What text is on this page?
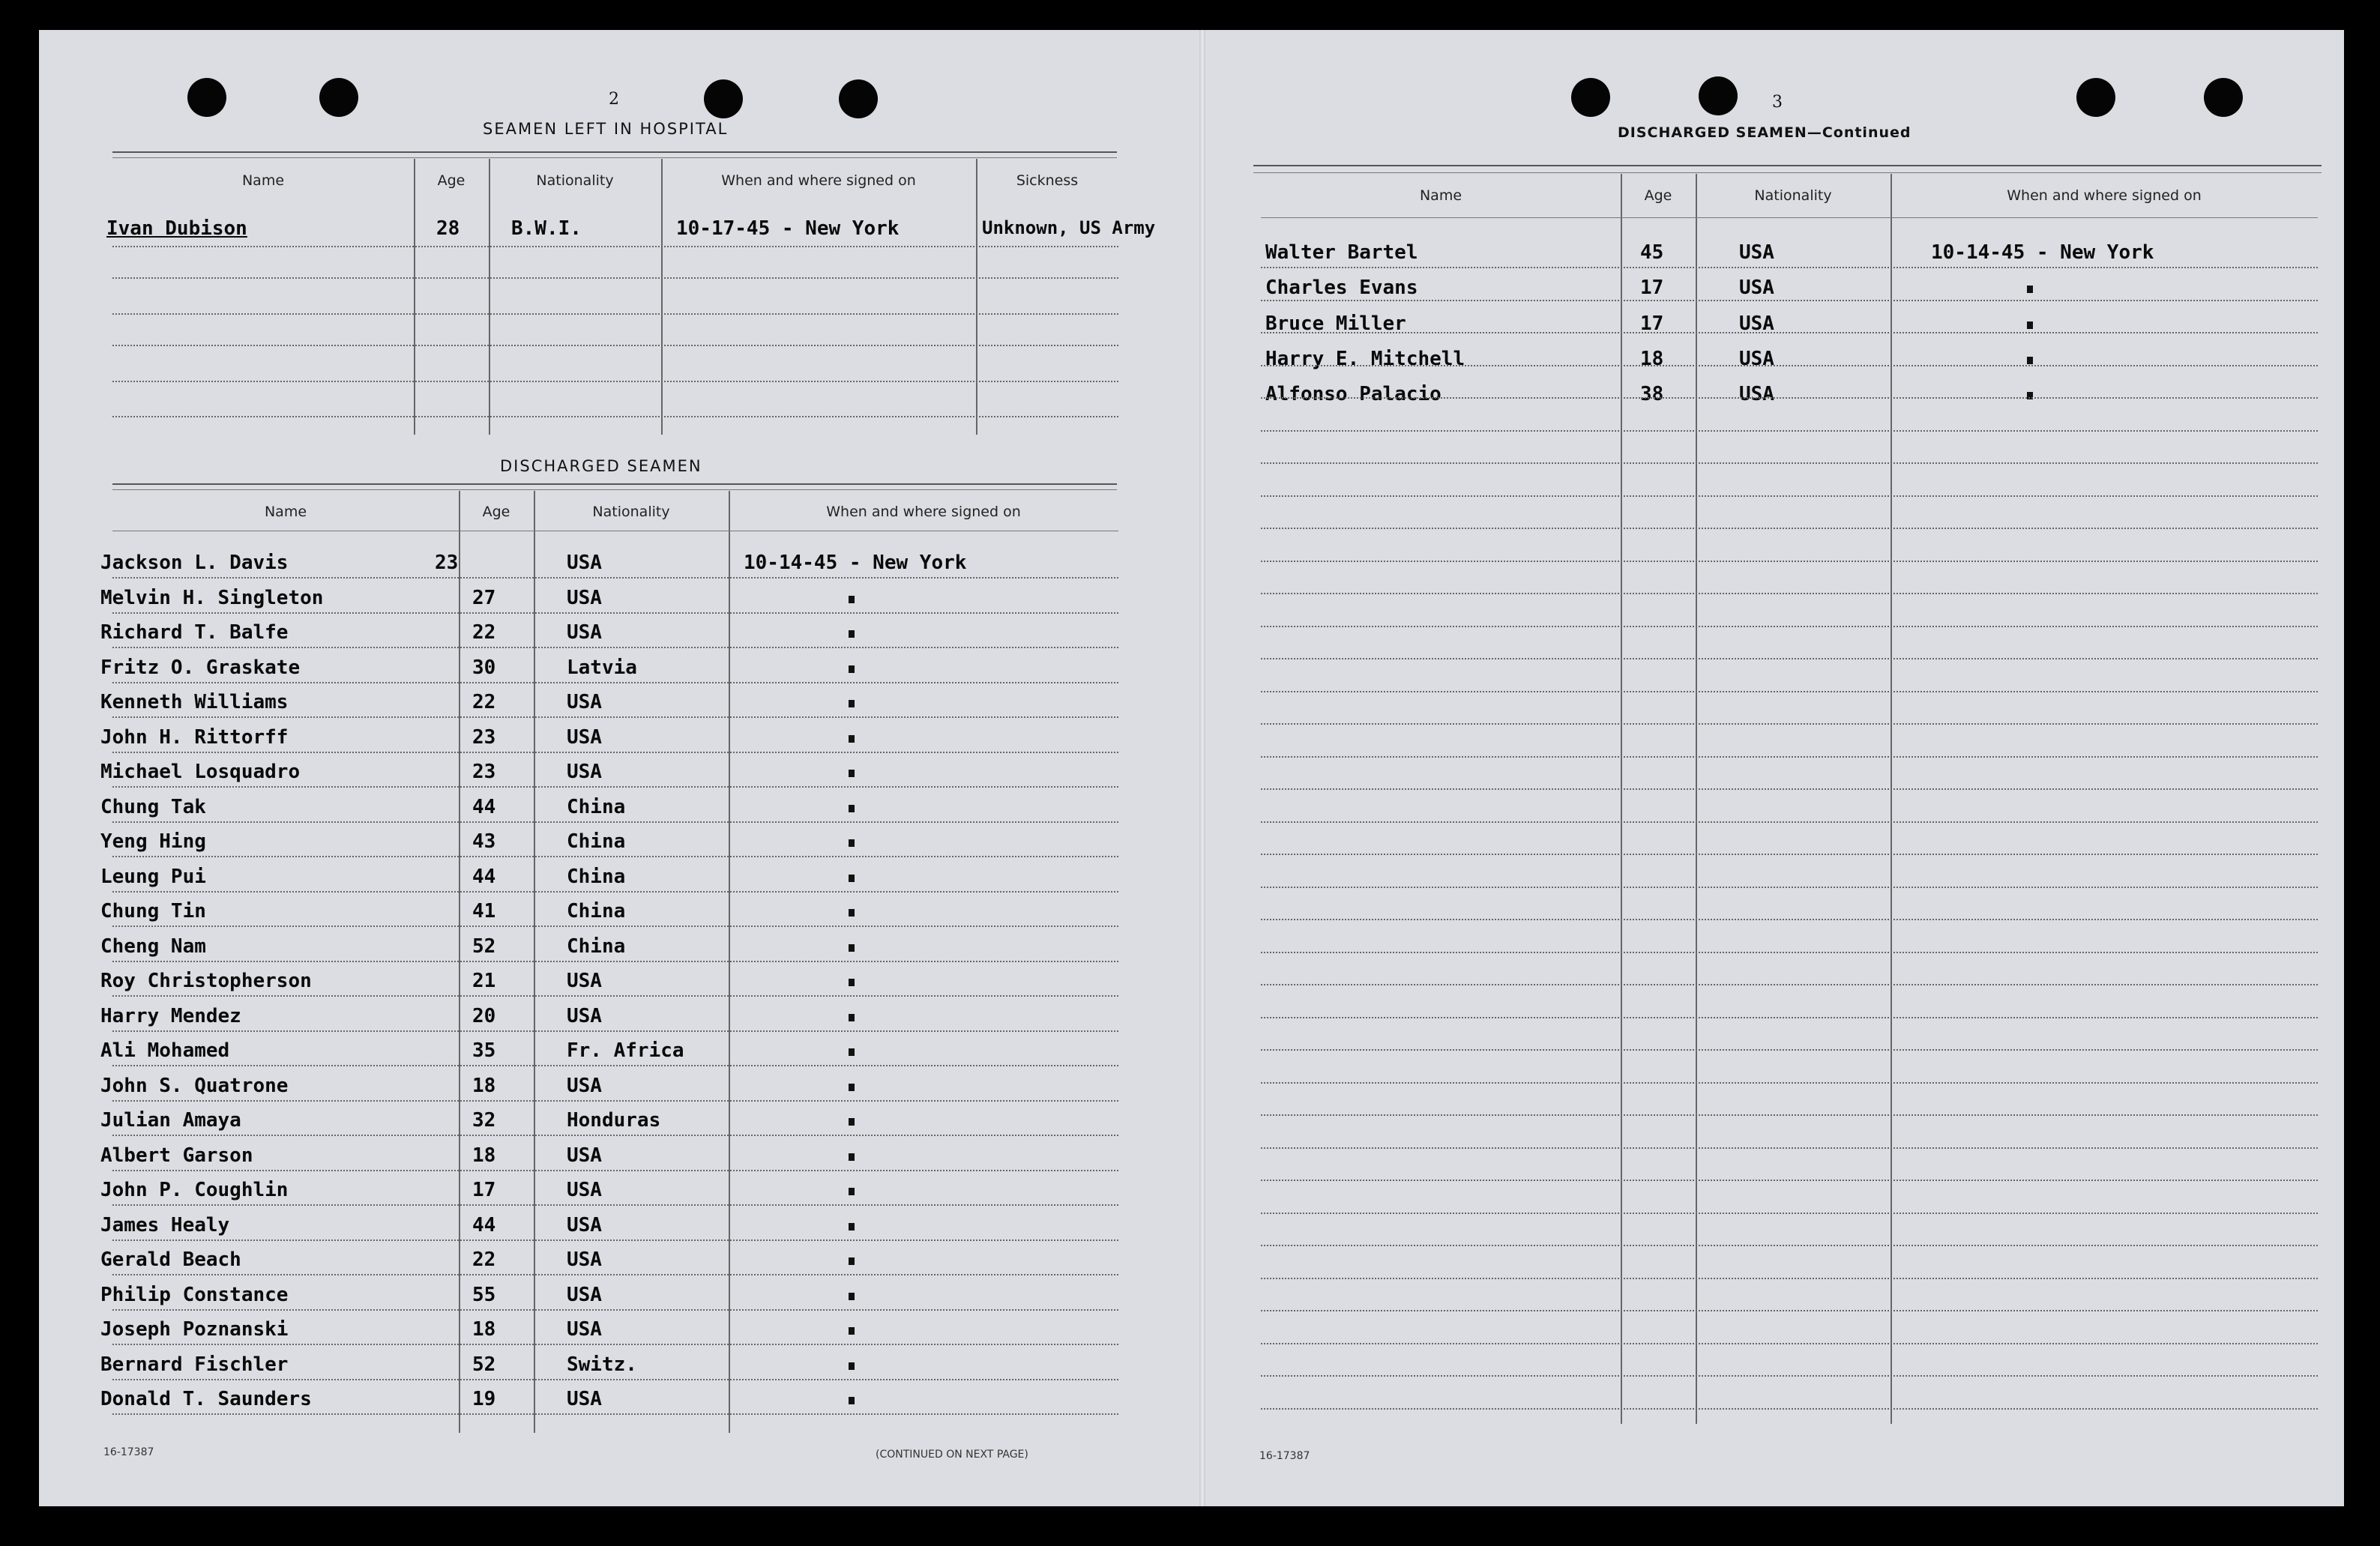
2
SEAMEN LEFT IN HOSPITAL
Name	Age	Nationality	When and where signed on	Sickness
Ivan Dubison	28	B.W.I.	10-17-45 - New York	Unknown, US Army
DISCHARGED SEAMEN
Name	Age	Nationality	When and where signed on
Jackson L. Davis	23	USA	10-14-45 - New York
Melvin H. Singleton	27	USA
Richard T. Balfe	22	USA
Fritz O. Graskate	30	Latvia
Kenneth Williams	22	USA
John H. Rittorff	23	USA
Michael Losquadro	23	USA
Chung Tak	44	China
Yeng Hing	43	China
Leung Pui	44	China
Chung Tin	41	China
Cheng Nam	52	China
Roy Christopherson	21	USA
Harry Mendez	20	USA
Ali Mohamed	35	Fr. Africa
John S. Quatrone	18	USA
Julian Amaya	32	Honduras
Albert Garson	18	USA
John P. Coughlin	17	USA
James Healy	44	USA
Gerald Beach	22	USA
Philip Constance	55	USA
Joseph Poznanski	18	USA
Bernard Fischler	52	Switz.
Donald T. Saunders	19	USA
16-17387	(CONTINUED ON NEXT PAGE)
3
DISCHARGED SEAMEN—Continued
Name	Age	Nationality	When and where signed on
Walter Bartel	45	USA	10-14-45 - New York
Charles Evans	17	USA
Bruce Miller	17	USA
Harry E. Mitchell	18	USA
Alfonso Palacio	38	USA
16-17387
